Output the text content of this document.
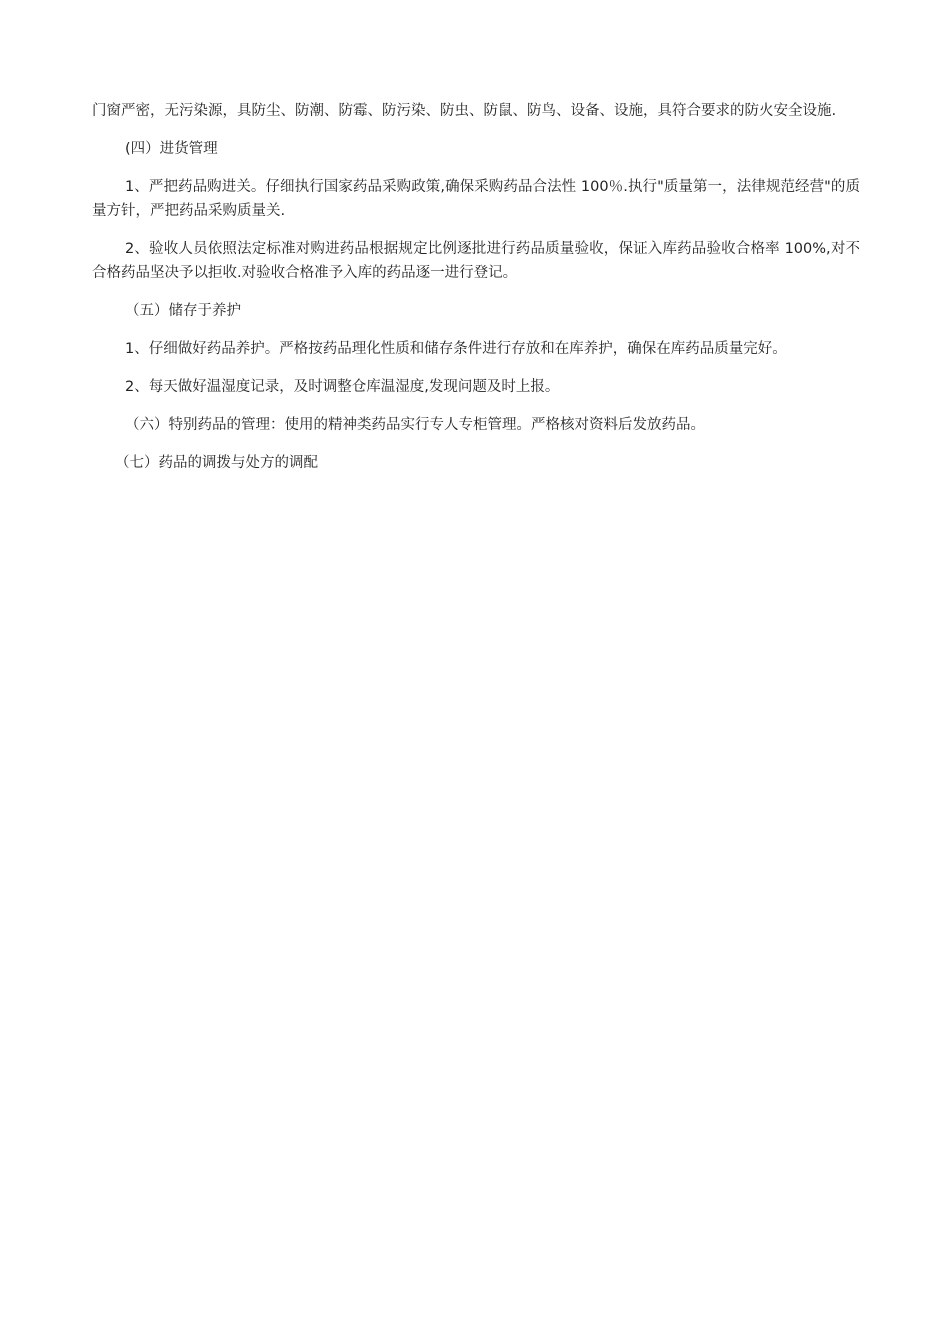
门窗严密，无污染源，具防尘、防潮、防霉、防污染、防虫、防鼠、防鸟、设备、设施，具符合要求的防火安全设施.

(四）进货管理

1、严把药品购进关。仔细执行国家药品采购政策,确保采购药品合法性 100％.执行"质量第一，法律规范经营"的质量方针，严把药品采购质量关.

2、验收人员依照法定标准对购进药品根据规定比例逐批进行药品质量验收，保证入库药品验收合格率 100%,对不合格药品坚决予以拒收.对验收合格准予入库的药品逐一进行登记。

（五）储存于养护

1、仔细做好药品养护。严格按药品理化性质和储存条件进行存放和在库养护，确保在库药品质量完好。

2、每天做好温湿度记录，及时调整仓库温湿度,发现问题及时上报。

（六）特别药品的管理：使用的精神类药品实行专人专柜管理。严格核对资料后发放药品。

（七）药品的调拨与处方的调配
